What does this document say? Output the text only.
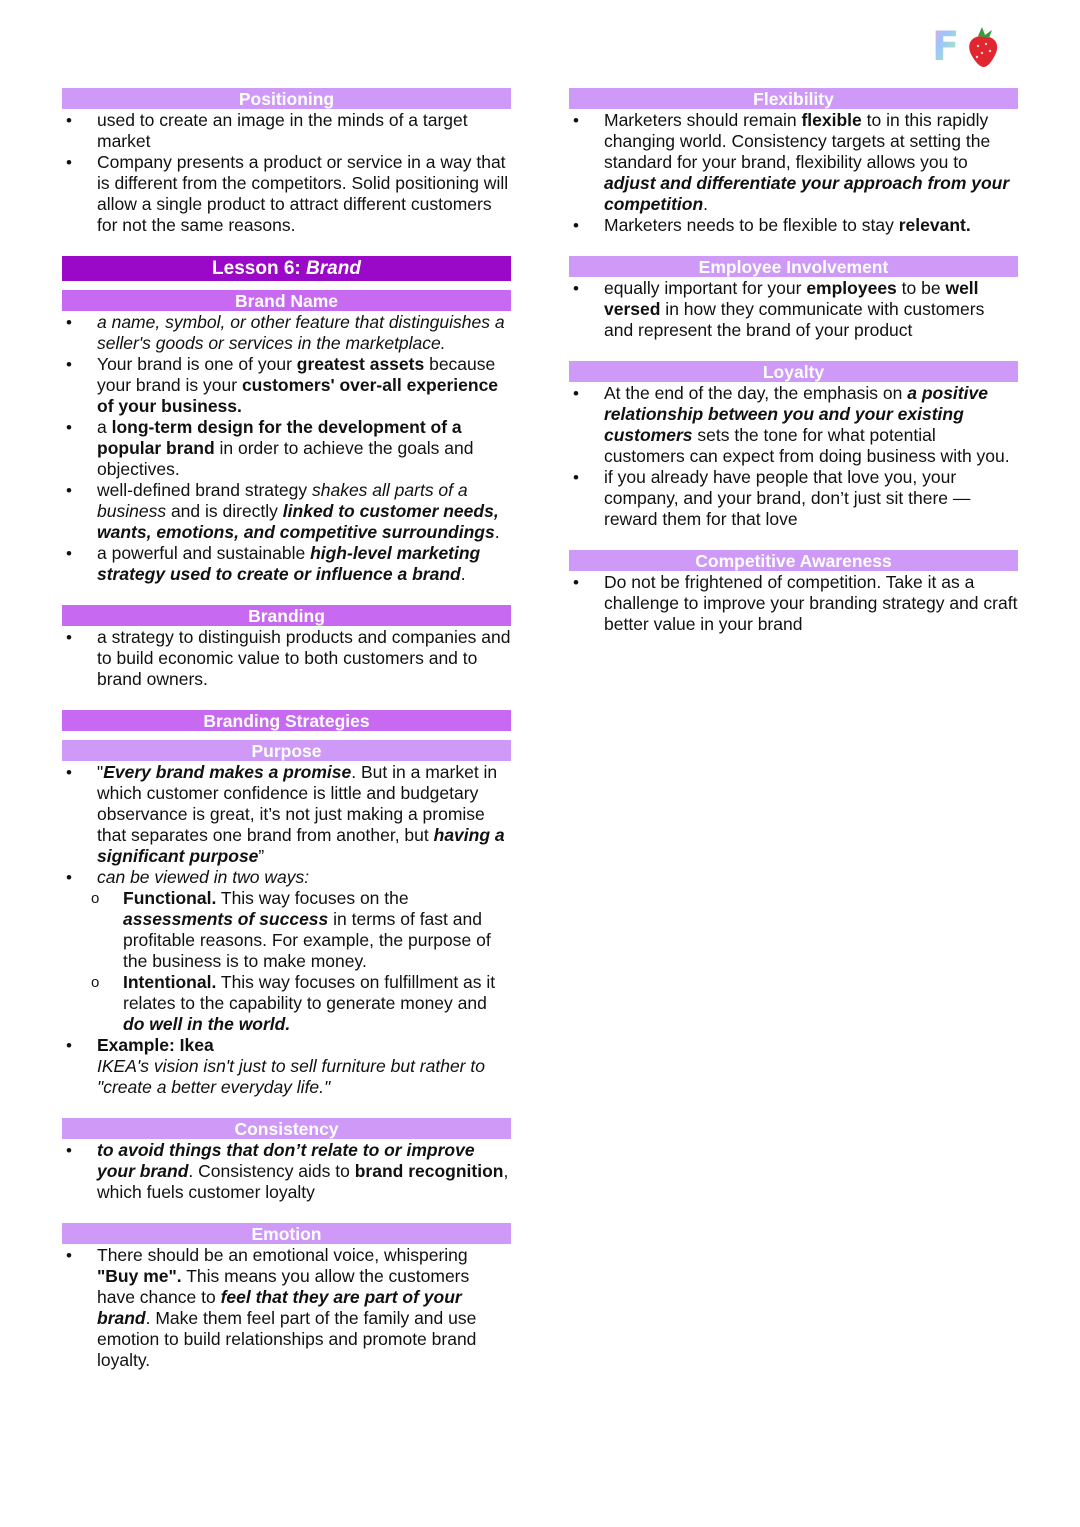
F
Positioning
• used to create an image in the minds of a target market
• Company presents a product or service in a way that is different from the competitors. Solid positioning will allow a single product to attract different customers for not the same reasons.
Lesson 6: Brand
Brand Name
• a name, symbol, or other feature that distinguishes a seller's goods or services in the marketplace.
• Your brand is one of your greatest assets because your brand is your customers' over-all experience of your business.
• a long-term design for the development of a popular brand in order to achieve the goals and objectives.
• well-defined brand strategy shakes all parts of a business and is directly linked to customer needs, wants, emotions, and competitive surroundings.
• a powerful and sustainable high-level marketing strategy used to create or influence a brand.
Branding
• a strategy to distinguish products and companies and to build economic value to both customers and to brand owners.
Branding Strategies
Purpose
• "Every brand makes a promise. But in a market in which customer confidence is little and budgetary observance is great, it’s not just making a promise that separates one brand from another, but having a significant purpose”
• can be viewed in two ways:
o Functional. This way focuses on the assessments of success in terms of fast and profitable reasons. For example, the purpose of the business is to make money.
o Intentional. This way focuses on fulfillment as it relates to the capability to generate money and do well in the world.
• Example: Ikea
IKEA's vision isn't just to sell furniture but rather to "create a better everyday life."
Consistency
• to avoid things that don’t relate to or improve your brand. Consistency aids to brand recognition, which fuels customer loyalty
Emotion
• There should be an emotional voice, whispering "Buy me". This means you allow the customers have chance to feel that they are part of your brand. Make them feel part of the family and use emotion to build relationships and promote brand loyalty.
Flexibility
• Marketers should remain flexible to in this rapidly changing world. Consistency targets at setting the standard for your brand, flexibility allows you to adjust and differentiate your approach from your competition.
• Marketers needs to be flexible to stay relevant.
Employee Involvement
• equally important for your employees to be well versed in how they communicate with customers and represent the brand of your product
Loyalty
• At the end of the day, the emphasis on a positive relationship between you and your existing customers sets the tone for what potential customers can expect from doing business with you.
• if you already have people that love you, your company, and your brand, don’t just sit there — reward them for that love
Competitive Awareness
• Do not be frightened of competition. Take it as a challenge to improve your branding strategy and craft better value in your brand
